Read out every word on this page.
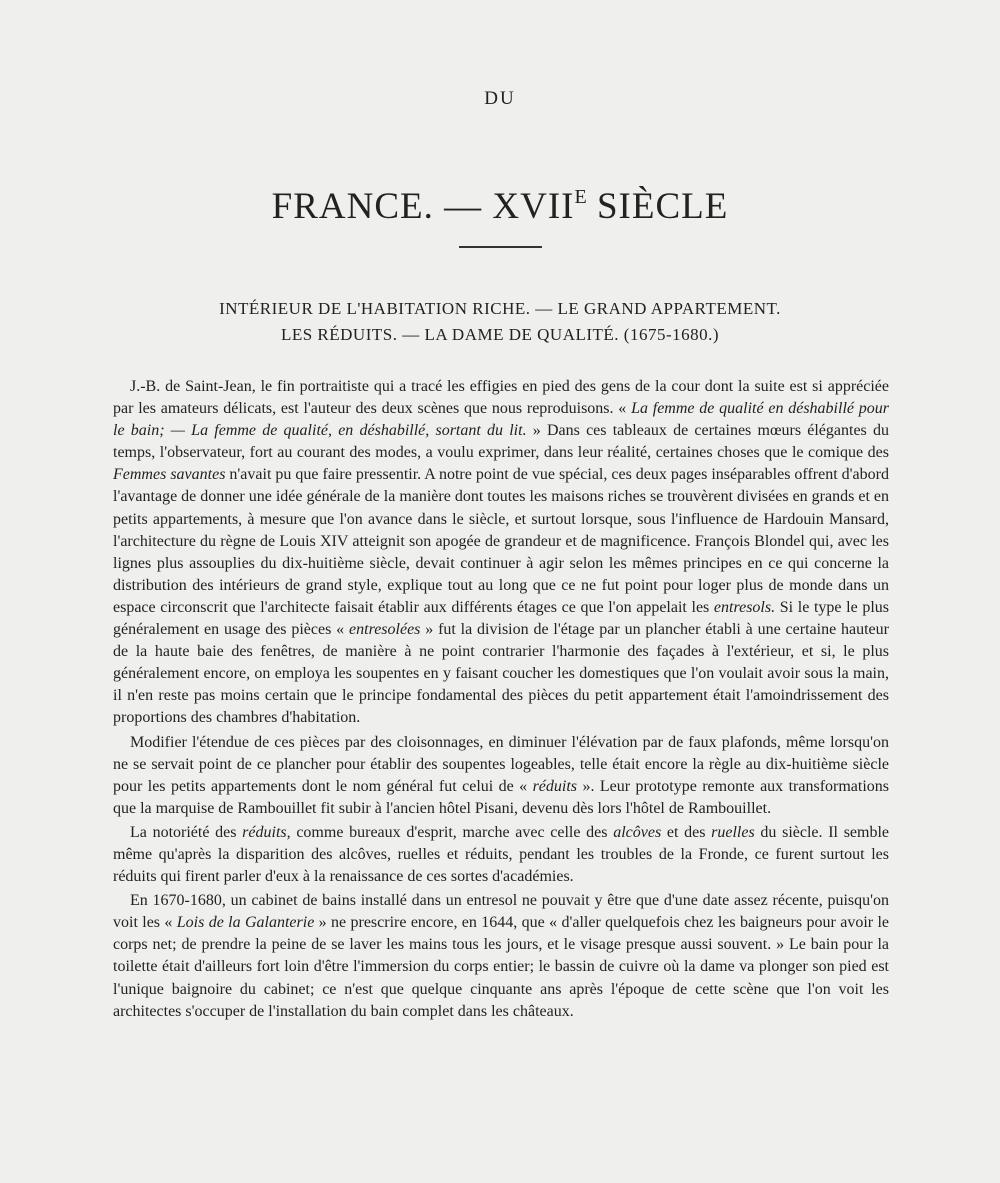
DU
FRANCE. — $XVII^E$ SIÈCLE
INTÉRIEUR DE L'HABITATION RICHE. — LE GRAND APPARTEMENT.
LES RÉDUITS. — LA DAME DE QUALITÉ. (1675-1680.)

J.-B. de Saint-Jean, le fin portraitiste qui a tracé les effigies en pied des gens de la cour dont la suite est si appréciée par les amateurs délicats, est l'auteur des deux scènes que nous reproduisons. « La femme de qualité en déshabillé pour le bain; — La femme de qualité, en déshabillé, sortant du lit. » Dans ces tableaux de certaines mœurs élégantes du temps, l'observateur, fort au courant des modes, a voulu exprimer, dans leur réalité, certaines choses que le comique des Femmes savantes n'avait pu que faire pressentir. A notre point de vue spécial, ces deux pages inséparables offrent d'abord l'avantage de donner une idée générale de la manière dont toutes les maisons riches se trouvèrent divisées en grands et en petits appartements, à mesure que l'on avance dans le siècle, et surtout lorsque, sous l'influence de Hardouin Mansard, l'architecture du règne de Louis XIV atteignit son apogée de grandeur et de magnificence. François Blondel qui, avec les lignes plus assouplies du dix-huitième siècle, devait continuer à agir selon les mêmes principes en ce qui concerne la distribution des intérieurs de grand style, explique tout au long que ce ne fut point pour loger plus de monde dans un espace circonscrit que l'architecte faisait établir aux différents étages ce que l'on appelait les entresols. Si le type le plus généralement en usage des pièces « entresolées » fut la division de l'étage par un plancher établi à une certaine hauteur de la haute baie des fenêtres, de manière à ne point contrarier l'harmonie des façades à l'extérieur, et si, le plus généralement encore, on employa les soupentes en y faisant coucher les domestiques que l'on voulait avoir sous la main, il n'en reste pas moins certain que le principe fondamental des pièces du petit appartement était l'amoindrissement des proportions des chambres d'habitation.

Modifier l'étendue de ces pièces par des cloisonnages, en diminuer l'élévation par de faux plafonds, même lorsqu'on ne se servait point de ce plancher pour établir des soupentes logeables, telle était encore la règle au dix-huitième siècle pour les petits appartements dont le nom général fut celui de « réduits ». Leur prototype remonte aux transformations que la marquise de Rambouillet fit subir à l'ancien hôtel Pisani, devenu dès lors l'hôtel de Rambouillet.

La notoriété des réduits, comme bureaux d'esprit, marche avec celle des alcôves et des ruelles du siècle. Il semble même qu'après la disparition des alcôves, ruelles et réduits, pendant les troubles de la Fronde, ce furent surtout les réduits qui firent parler d'eux à la renaissance de ces sortes d'académies.

En 1670-1680, un cabinet de bains installé dans un entresol ne pouvait y être que d'une date assez récente, puisqu'on voit les « Lois de la Galanterie » ne prescrire encore, en 1644, que « d'aller quelquefois chez les baigneurs pour avoir le corps net; de prendre la peine de se laver les mains tous les jours, et le visage presque aussi souvent. » Le bain pour la toilette était d'ailleurs fort loin d'être l'immersion du corps entier; le bassin de cuivre où la dame va plonger son pied est l'unique baignoire du cabinet; ce n'est que quelque cinquante ans après l'époque de cette scène que l'on voit les architectes s'occuper de l'installation du bain complet dans les châteaux.
